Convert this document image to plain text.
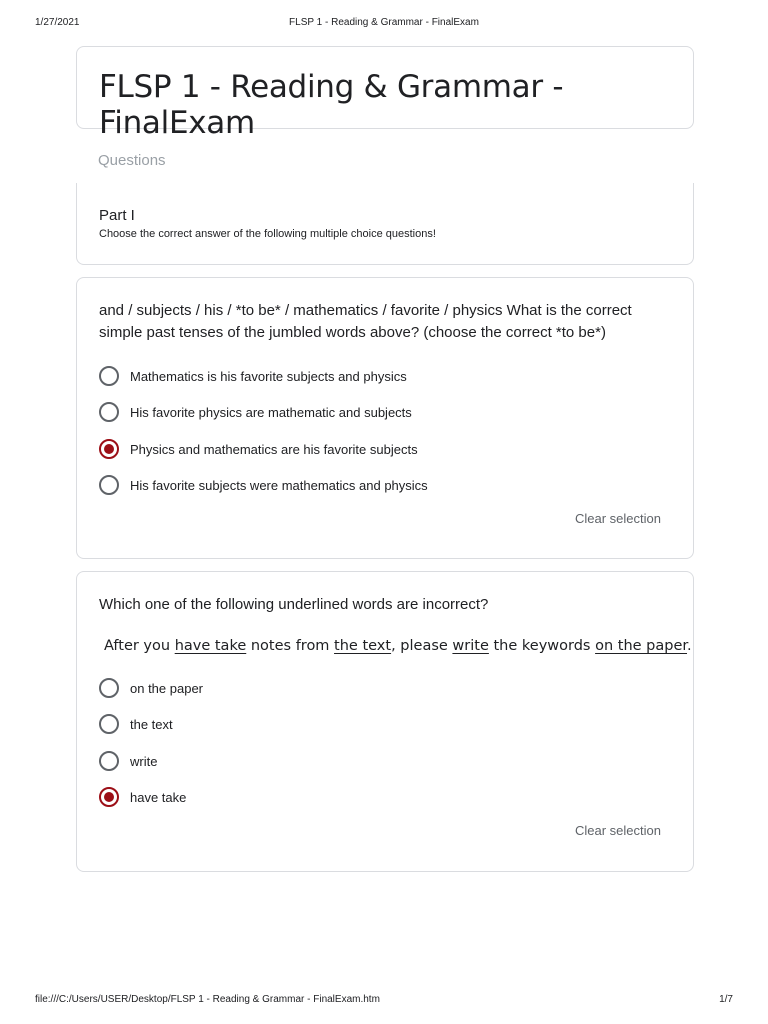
1/27/2021	FLSP 1 - Reading & Grammar - FinalExam
FLSP 1 - Reading & Grammar - FinalExam
Questions
Part I
Choose the correct answer of the following multiple choice questions!
and / subjects / his / *to be* / mathematics / favorite / physics What is the correct simple past tenses of the jumbled words above? (choose the correct *to be*)
Mathematics is his favorite subjects and physics
His favorite physics are mathematic and subjects
Physics and mathematics are his favorite subjects
His favorite subjects were mathematics and physics
Clear selection
Which one of the following underlined words are incorrect?
After you have take notes from the text, please write the keywords on the paper.
on the paper
the text
write
have take
Clear selection
file:///C:/Users/USER/Desktop/FLSP 1 - Reading & Grammar - FinalExam.htm	1/7
